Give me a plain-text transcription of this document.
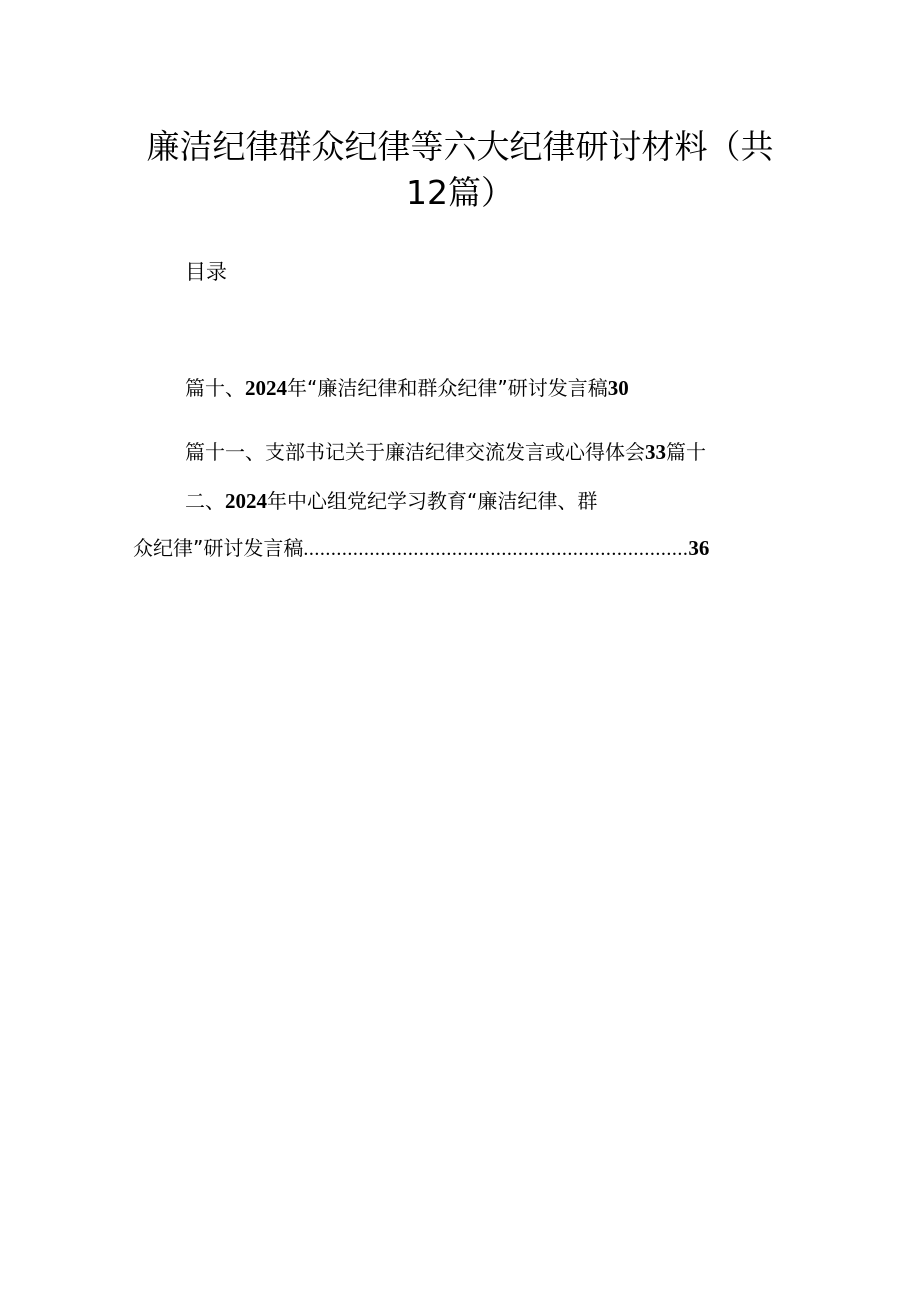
廉洁纪律群众纪律等六大纪律研讨材料（共
12篇）
目录
篇十、2024年“廉洁纪律和群众纪律”研讨发言稿30
篇十一、支部书记关于廉洁纪律交流发言或心得体会33篇十
二、2024年中心组党纪学习教育“廉洁纪律、群
众纪律”研讨发言稿......................................................................36
